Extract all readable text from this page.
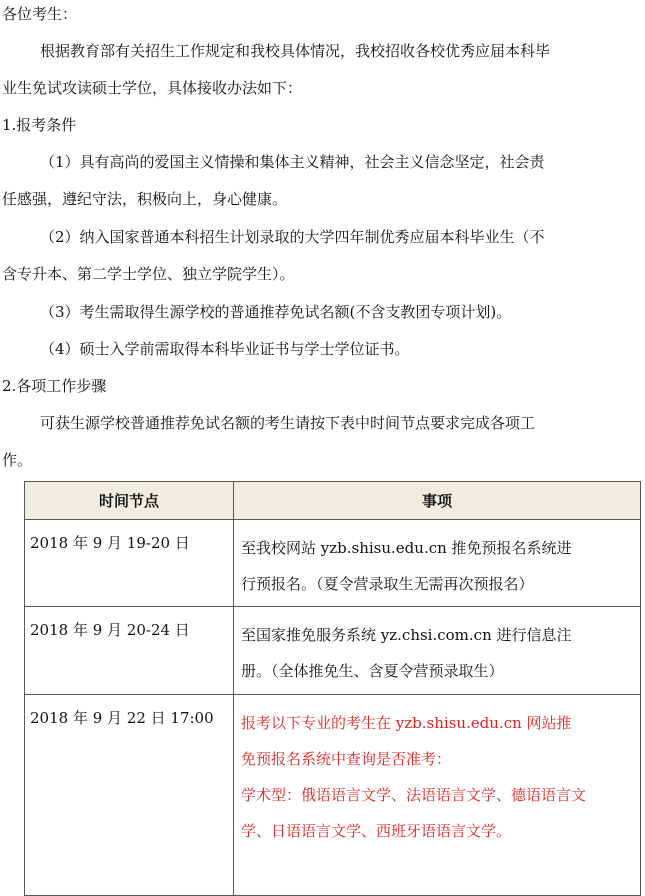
各位考生：

根据教育部有关招生工作规定和我校具体情况，我校招收各校优秀应届本科毕

业生免试攻读硕士学位，具体接收办法如下：

1.报考条件

（1）具有高尚的爱国主义情操和集体主义精神，社会主义信念坚定，社会责

任感强，遵纪守法，积极向上，身心健康。

（2）纳入国家普通本科招生计划录取的大学四年制优秀应届本科毕业生（不

含专升本、第二学士学位、独立学院学生）。

（3）考生需取得生源学校的普通推荐免试名额(不含支教团专项计划)。

（4）硕士入学前需取得本科毕业证书与学士学位证书。

2.各项工作步骤

可获生源学校普通推荐免试名额的考生请按下表中时间节点要求完成各项工

作。

时间节点	事项
2018 年 9 月 19-20 日	至我校网站 yzb.shisu.edu.cn 推免预报名系统进
行预报名。（夏令营录取生无需再次预报名）

2018 年 9 月 20-24 日	至国家推免服务系统 yz.chsi.com.cn 进行信息注
册。（全体推免生、含夏令营预录取生）

2018 年 9 月 22 日 17:00	报考以下专业的考生在 yzb.shisu.edu.cn 网站推
免预报名系统中查询是否准考：
学术型：俄语语言文学、法语语言文学、德语语言文
学、日语语言文学、西班牙语语言文学。
